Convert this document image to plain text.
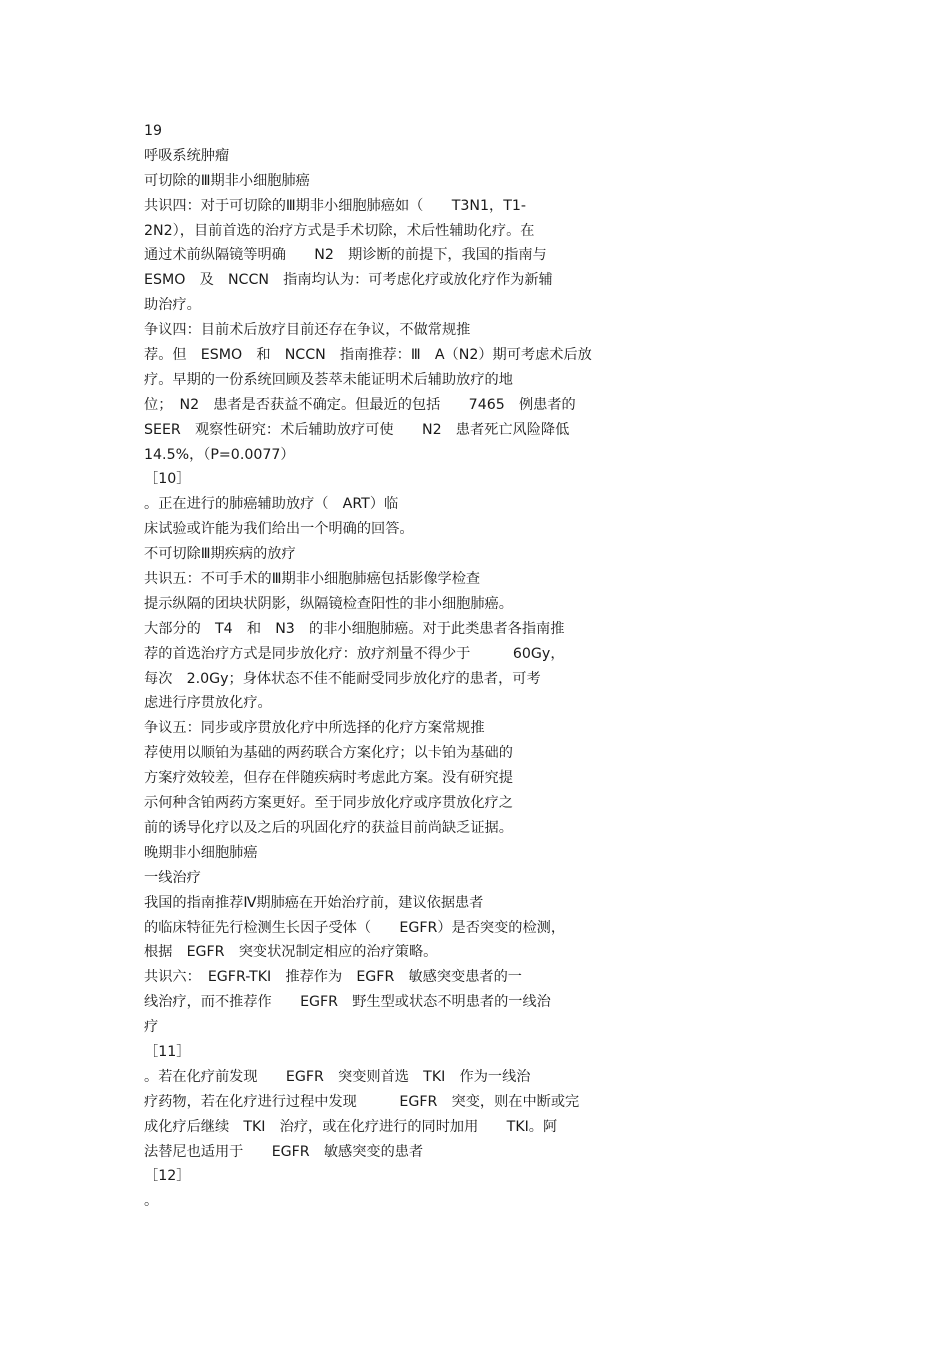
19
呼吸系统肿瘤
可切除的Ⅲ期非小细胞肺癌
共识四：对于可切除的Ⅲ期非小细胞肺癌如（　　T3N1，T1-
2N2），目前首选的治疗方式是手术切除，术后性辅助化疗。在
通过术前纵隔镜等明确　　N2　期诊断的前提下，我国的指南与
ESMO　及　NCCN　指南均认为：可考虑化疗或放化疗作为新辅
助治疗。
争议四：目前术后放疗目前还存在争议，不做常规推
荐。但　ESMO　和　NCCN　指南推荐：Ⅲ　A（N2）期可考虑术后放
疗。早期的一份系统回顾及荟萃未能证明术后辅助放疗的地
位；　N2　患者是否获益不确定。但最近的包括　　7465　例患者的
SEER　观察性研究：术后辅助放疗可使　　N2　患者死亡风险降低
14.5%，（P=0.0077）
［10］
。正在进行的肺癌辅助放疗（　ART）临
床试验或许能为我们给出一个明确的回答。
不可切除Ⅲ期疾病的放疗
共识五：不可手术的Ⅲ期非小细胞肺癌包括影像学检查
提示纵隔的团块状阴影，纵隔镜检查阳性的非小细胞肺癌。
大部分的　T4　和　N3　的非小细胞肺癌。对于此类患者各指南推
荐的首选治疗方式是同步放化疗：放疗剂量不得少于　　　60Gy，
每次　2.0Gy；身体状态不佳不能耐受同步放化疗的患者，可考
虑进行序贯放化疗。
争议五：同步或序贯放化疗中所选择的化疗方案常规推
荐使用以顺铂为基础的两药联合方案化疗；以卡铂为基础的
方案疗效较差，但存在伴随疾病时考虑此方案。没有研究提
示何种含铂两药方案更好。至于同步放化疗或序贯放化疗之
前的诱导化疗以及之后的巩固化疗的获益目前尚缺乏证据。
晚期非小细胞肺癌
一线治疗
我国的指南推荐Ⅳ期肺癌在开始治疗前，建议依据患者
的临床特征先行检测生长因子受体（　　EGFR）是否突变的检测，
根据　EGFR　突变状况制定相应的治疗策略。
共识六：　EGFR-TKI　推荐作为　EGFR　敏感突变患者的一
线治疗，而不推荐作　　EGFR　野生型或状态不明患者的一线治
疗
［11］
。若在化疗前发现　　EGFR　突变则首选　TKI　作为一线治
疗药物，若在化疗进行过程中发现　　　EGFR　突变，则在中断或完
成化疗后继续　TKI　治疗，或在化疗进行的同时加用　　TKI。阿
法替尼也适用于　　EGFR　敏感突变的患者
［12］
。
